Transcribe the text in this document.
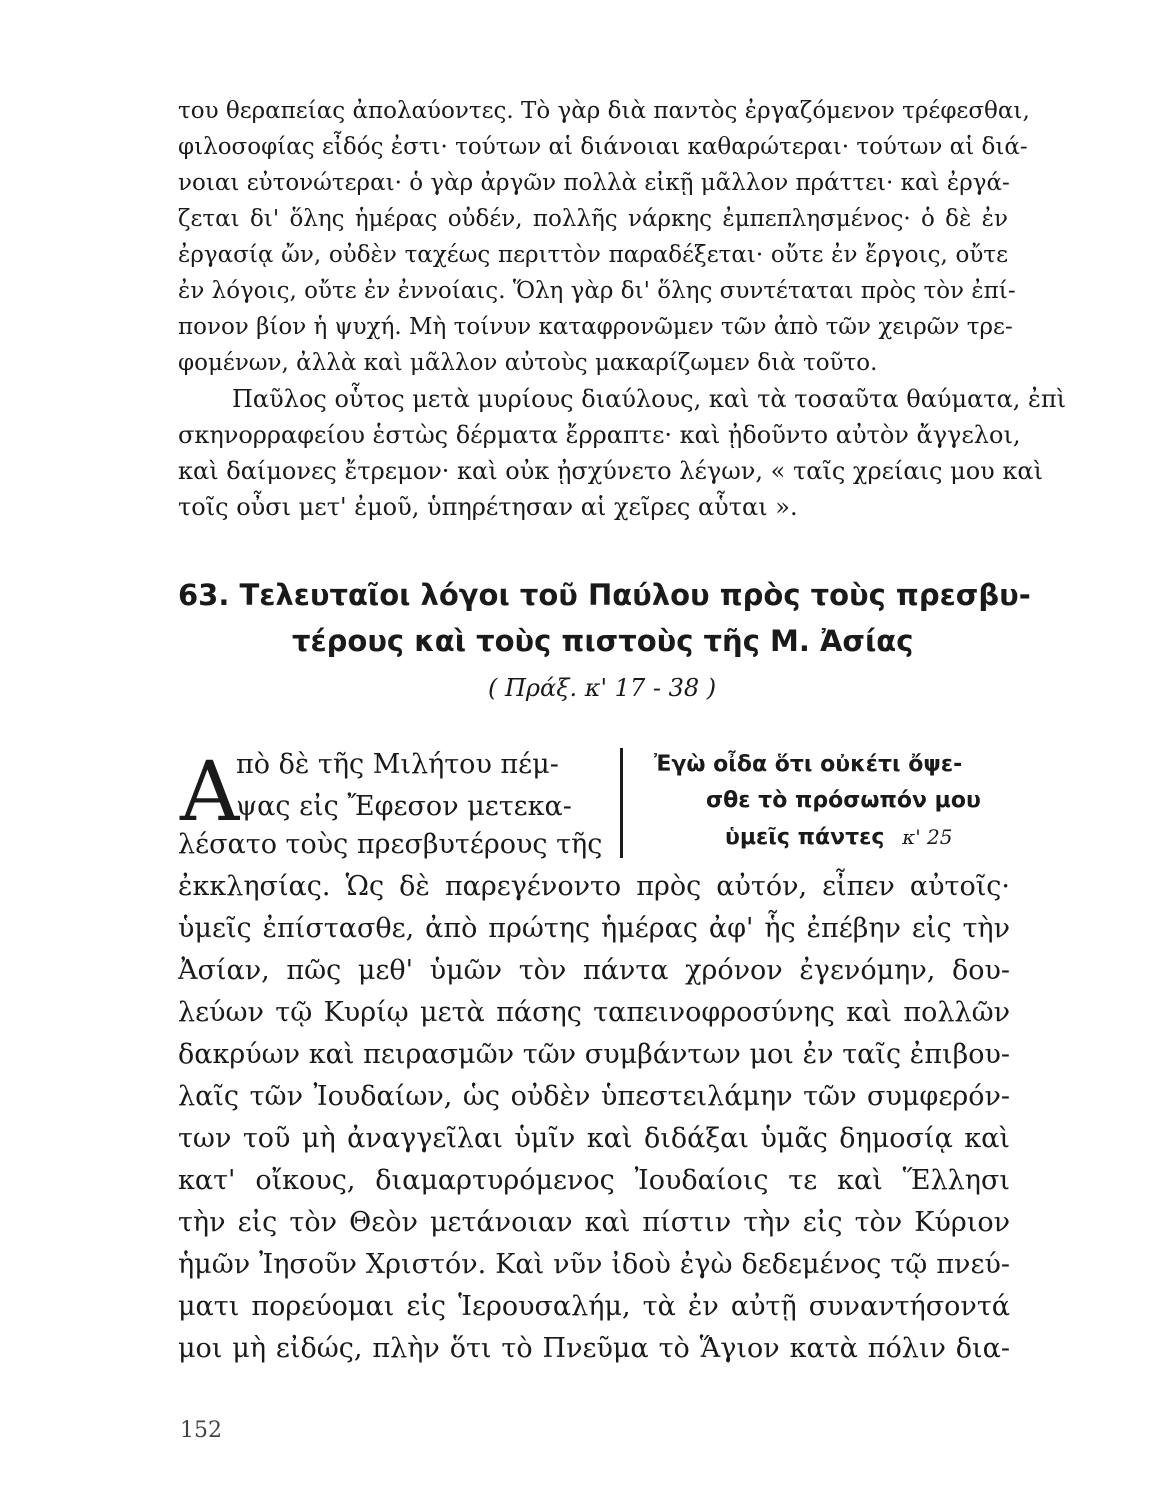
του θεραπείας ἀπολαύοντες. Τὸ γὰρ διὰ παντὸς ἐργαζόμενον τρέφεσθαι,
φιλοσοφίας εἶδός ἐστι· τούτων αἱ διάνοιαι καθαρώτεραι· τούτων αἱ διά-
νοιαι εὐτονώτεραι· ὁ γὰρ ἀργῶν πολλὰ εἰκῇ μᾶλλον πράττει· καὶ ἐργά-
ζεται δι' ὅλης ἡμέρας οὐδέν, πολλῆς νάρκης ἐμπεπλησμένος· ὁ δὲ ἐν
ἐργασίᾳ ὤν, οὐδὲν ταχέως περιττὸν παραδέξεται· οὔτε ἐν ἔργοις, οὔτε
ἐν λόγοις, οὔτε ἐν ἐννοίαις. Ὅλη γὰρ δι' ὅλης συντέταται πρὸς τὸν ἐπί-
πονον βίον ἡ ψυχή. Μὴ τοίνυν καταφρονῶμεν τῶν ἀπὸ τῶν χειρῶν τρε-
φομένων, ἀλλὰ καὶ μᾶλλον αὐτοὺς μακαρίζωμεν διὰ τοῦτο.
Παῦλος οὗτος μετὰ μυρίους διαύλους, καὶ τὰ τοσαῦτα θαύματα, ἐπὶ
σκηνορραφείου ἑστὼς δέρματα ἔρραπτε· καὶ ᾐδοῦντο αὐτὸν ἄγγελοι,
καὶ δαίμονες ἔτρεμον· καὶ οὐκ ᾐσχύνετο λέγων, « ταῖς χρείαις μου καὶ
τοῖς οὖσι μετ' ἐμοῦ, ὑπηρέτησαν αἱ χεῖρες αὗται ».
63. Τελευταῖοι λόγοι τοῦ Παύλου πρὸς τοὺς πρεσβυ-
τέρους καὶ τοὺς πιστοὺς τῆς Μ. Ἀσίας
( Πράξ. κ' 17 - 38 )
Α
πὸ δὲ τῆς Μιλήτου πέμ-
ψας εἰς Ἔφεσον μετεκα-
λέσατο τοὺς πρεσβυτέρους τῆς
Ἐγὼ οἶδα ὅτι οὐκέτι ὄψε-
σθε τὸ πρόσωπόν μου
ὑμεῖς πάντες κ' 25
ἐκκλησίας. Ὡς δὲ παρεγένοντο πρὸς αὐτόν, εἶπεν αὐτοῖς·
ὑμεῖς ἐπίστασθε, ἀπὸ πρώτης ἡμέρας ἀφ' ἧς ἐπέβην εἰς τὴν
Ἀσίαν, πῶς μεθ' ὑμῶν τὸν πάντα χρόνον ἐγενόμην, δου-
λεύων τῷ Κυρίῳ μετὰ πάσης ταπεινοφροσύνης καὶ πολλῶν
δακρύων καὶ πειρασμῶν τῶν συμβάντων μοι ἐν ταῖς ἐπιβου-
λαῖς τῶν Ἰουδαίων, ὡς οὐδὲν ὑπεστειλάμην τῶν συμφερόν-
των τοῦ μὴ ἀναγγεῖλαι ὑμῖν καὶ διδάξαι ὑμᾶς δημοσίᾳ καὶ
κατ' οἴκους, διαμαρτυρόμενος Ἰουδαίοις τε καὶ Ἕλλησι
τὴν εἰς τὸν Θεὸν μετάνοιαν καὶ πίστιν τὴν εἰς τὸν Κύριον
ἡμῶν Ἰησοῦν Χριστόν. Καὶ νῦν ἰδοὺ ἐγὼ δεδεμένος τῷ πνεύ-
ματι πορεύομαι εἰς Ἱερουσαλήμ, τὰ ἐν αὐτῇ συναντήσοντά
μοι μὴ εἰδώς, πλὴν ὅτι τὸ Πνεῦμα τὸ Ἅγιον κατὰ πόλιν δια-
152
